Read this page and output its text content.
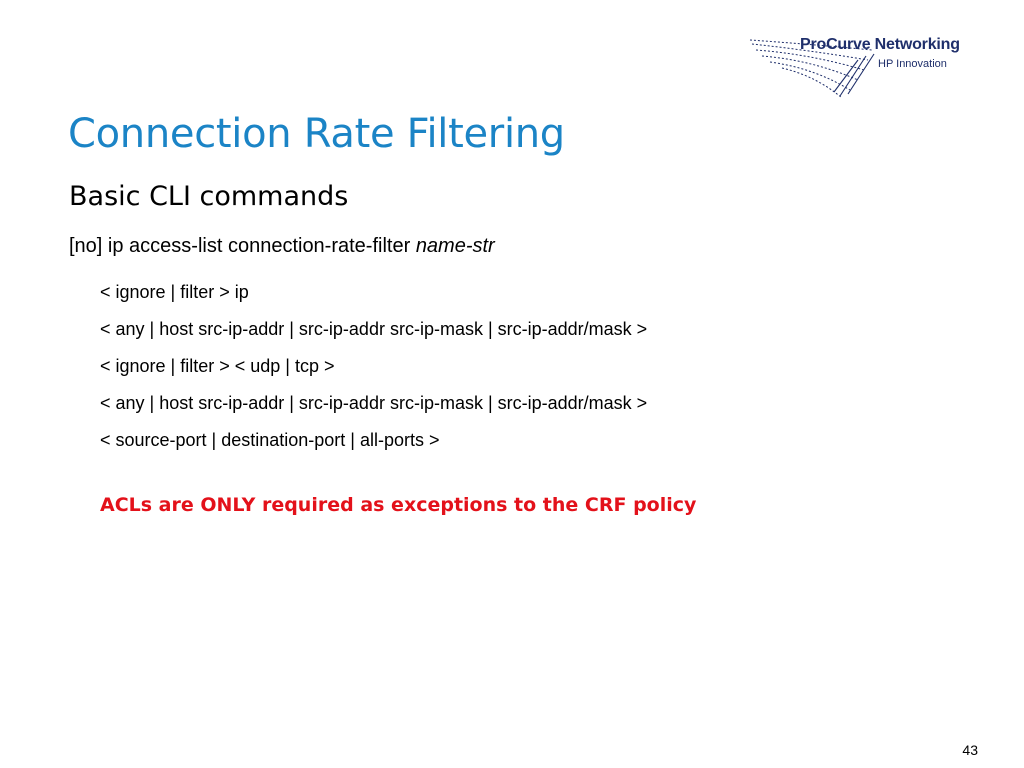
ProCurve Networking
HP Innovation
Connection Rate Filtering
Basic CLI commands
[no] ip access-list connection-rate-filter name-str
< ignore | filter > ip
< any | host src-ip-addr | src-ip-addr src-ip-mask | src-ip-addr/mask >
< ignore | filter > < udp | tcp >
< any | host src-ip-addr | src-ip-addr src-ip-mask | src-ip-addr/mask >
< source-port | destination-port | all-ports >
ACLs are ONLY required as exceptions to the CRF policy
43
